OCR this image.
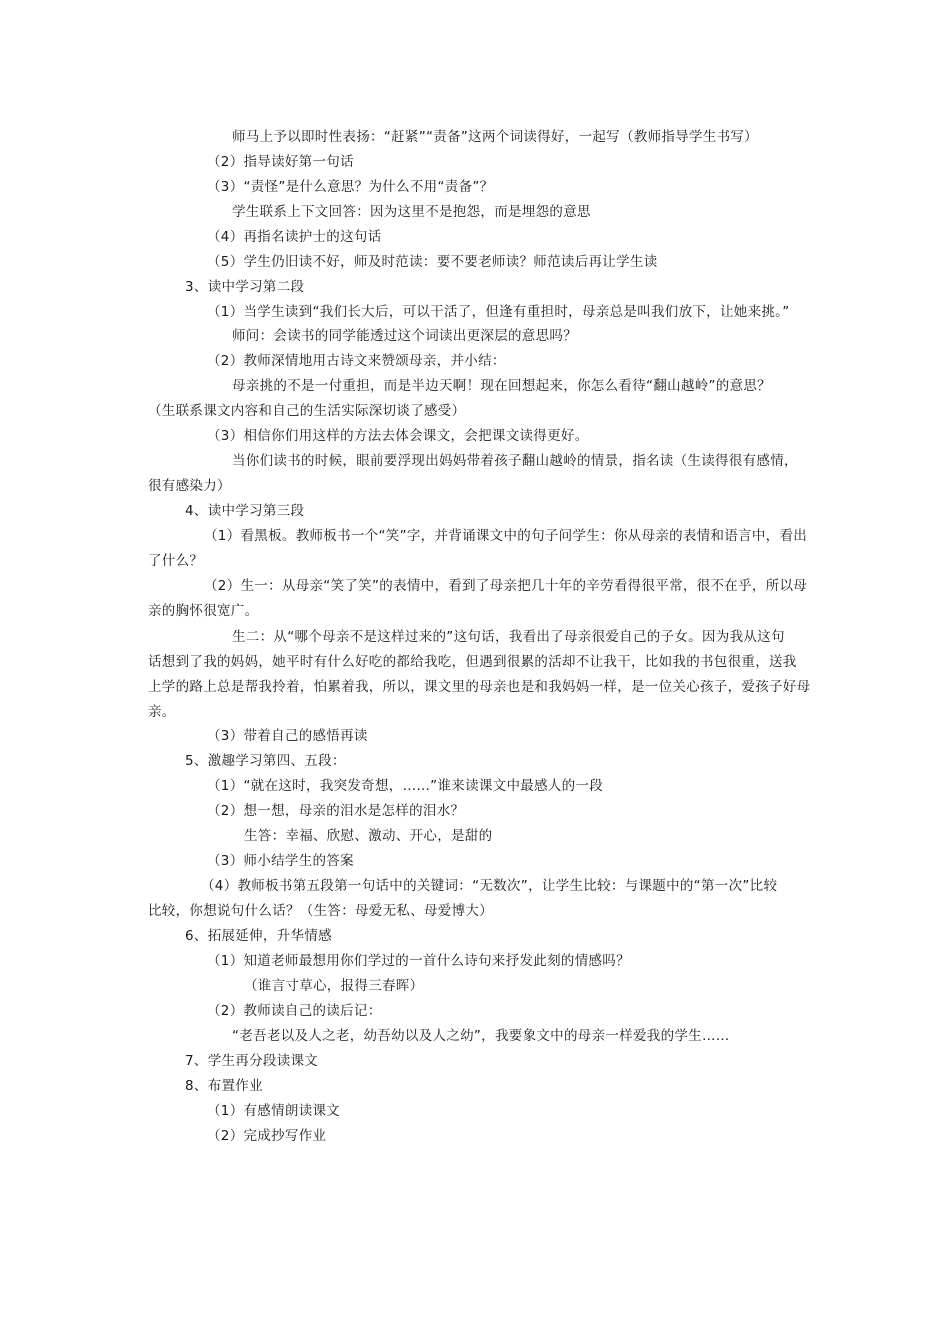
师马上予以即时性表扬：“赶紧”“责备”这两个词读得好，一起写（教师指导学生书写）
（2）指导读好第一句话
（3）“责怪”是什么意思？为什么不用“责备”？
学生联系上下文回答：因为这里不是抱怨，而是埋怨的意思
（4）再指名读护士的这句话
（5）学生仍旧读不好，师及时范读：要不要老师读？师范读后再让学生读
3、读中学习第二段
（1）当学生读到“我们长大后，可以干活了，但逢有重担时，母亲总是叫我们放下，让她来挑。”
师问：会读书的同学能透过这个词读出更深层的意思吗？
（2）教师深情地用古诗文来赞颂母亲，并小结：
母亲挑的不是一付重担，而是半边天啊！现在回想起来，你怎么看待“翻山越岭”的意思？
（生联系课文内容和自己的生活实际深切谈了感受）
（3）相信你们用这样的方法去体会课文，会把课文读得更好。
当你们读书的时候，眼前要浮现出妈妈带着孩子翻山越岭的情景，指名读（生读得很有感情，
很有感染力）
4、读中学习第三段
（1）看黑板。教师板书一个“笑”字，并背诵课文中的句子问学生：你从母亲的表情和语言中，看出
了什么？
（2）生一：从母亲“笑了笑”的表情中，看到了母亲把几十年的辛劳看得很平常，很不在乎，所以母
亲的胸怀很宽广。
生二：从“哪个母亲不是这样过来的”这句话，我看出了母亲很爱自己的子女。因为我从这句
话想到了我的妈妈，她平时有什么好吃的都给我吃，但遇到很累的活却不让我干，比如我的书包很重，送我
上学的路上总是帮我拎着，怕累着我，所以，课文里的母亲也是和我妈妈一样，是一位关心孩子，爱孩子好母
亲。
（3）带着自己的感悟再读
5、激趣学习第四、五段：
（1）“就在这时，我突发奇想，……”谁来读课文中最感人的一段
（2）想一想，母亲的泪水是怎样的泪水？
生答：幸福、欣慰、激动、开心，是甜的
（3）师小结学生的答案
（4）教师板书第五段第一句话中的关键词：“无数次”，让学生比较：与课题中的“第一次”比较
比较，你想说句什么话？（生答：母爱无私、母爱博大）
6、拓展延伸，升华情感
（1）知道老师最想用你们学过的一首什么诗句来抒发此刻的情感吗？
（谁言寸草心，报得三春晖）
（2）教师读自己的读后记：
“老吾老以及人之老，幼吾幼以及人之幼”，我要象文中的母亲一样爱我的学生……
7、学生再分段读课文
8、布置作业
（1）有感情朗读课文
（2）完成抄写作业
